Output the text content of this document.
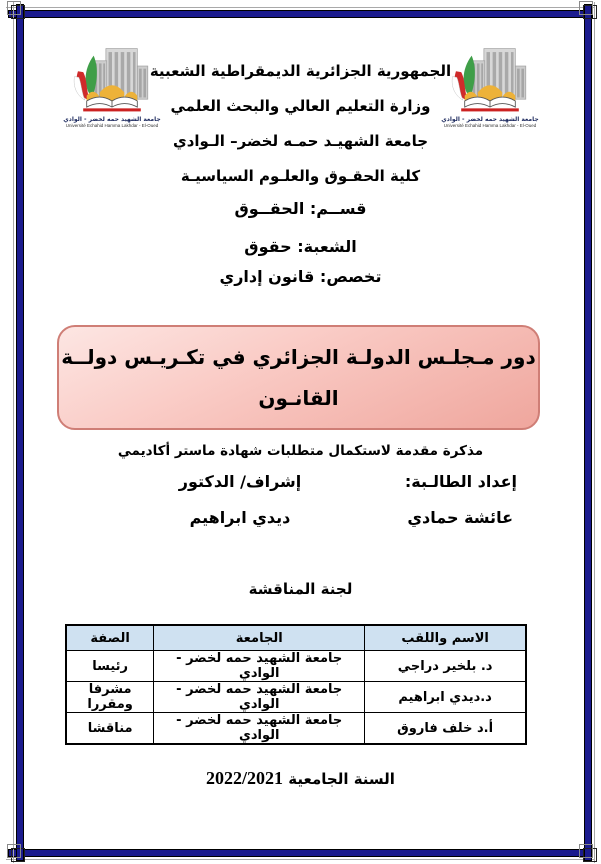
جامعة الشهيد حمه لخضر - الوادي
Université Echahid Hamma Lakhdar - El-Oued
جامعة الشهيد حمه لخضر - الوادي
Université Echahid Hamma Lakhdar - El-Oued
الجمهورية الجزائرية الديمقراطية الشعبية
وزارة التعليم العالي والبحث العلمي
جامعة الشهيـد حمـه لخضر– الـوادي
كلية الحقـوق والعلـوم السياسيـة
قســم: الحقــوق
الشعبة: حقوق
تخصص: قانون إداري
دور مـجلـس الدولـة الجزائري في تكـريـس دولــة
القانـون
مذكرة مقدمة لاستكمال متطلبات شهادة ماستر أكاديمي
إعداد الطالـبة:
إشراف/ الدكتور
عائشة حمادي
ديدي ابراهيم
لجنة المناقشة
الاسم واللقب	الجامعة	الصفة
د. بلخير دراجي	جامعة الشهيد حمه لخضر - الوادي	رئيسا
د.ديدي ابراهيم	جامعة الشهيد حمه لخضر - الوادي	مشرفا ومقررا
أ.د خلف فاروق	جامعة الشهيد حمه لخضر - الوادي	مناقشا
السنة الجامعية 2022/2021
